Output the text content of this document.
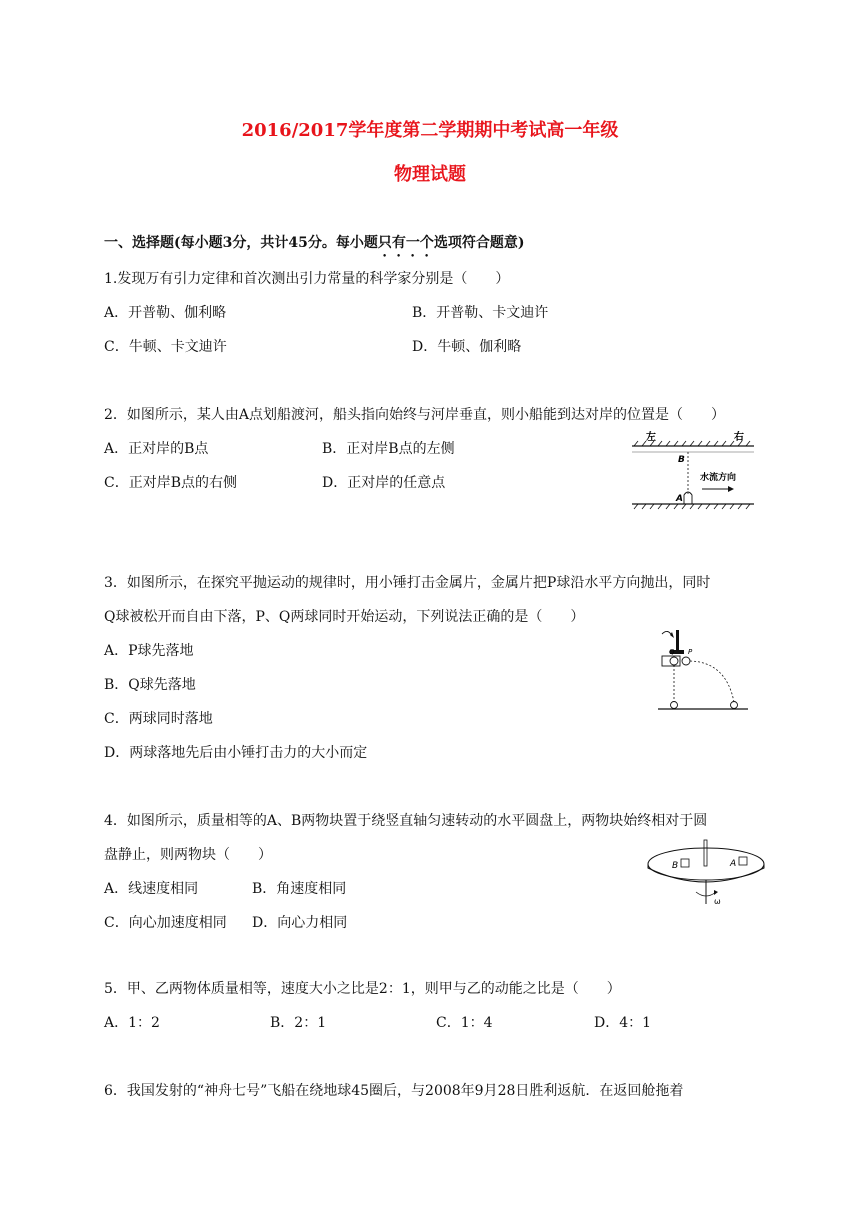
2016/2017学年度第二学期期中考试高一年级
物理试题
一、选择题(每小题3分，共计45分。每小题只有一个选项符合题意)
1.发现万有引力定律和首次测出引力常量的科学家分别是（　　）
A．开普勒、伽利略	B．开普勒、卡文迪许
C．牛顿、卡文迪许	D．牛顿、伽利略
2．如图所示，某人由A点划船渡河，船头指向始终与河岸垂直，则小船能到达对岸的位置是（　　）
A．正对岸的B点	B．正对岸B点的左侧
C．正对岸B点的右侧	D．正对岸的任意点
左	右
B
水流方向
A
3．如图所示，在探究平抛运动的规律时，用小锤打击金属片，金属片把P球沿水平方向抛出，同时
Q球被松开而自由下落，P、Q两球同时开始运动，下列说法正确的是（　　）
A．P球先落地
B．Q球先落地
C．两球同时落地
D．两球落地先后由小锤打击力的大小而定
Q P
4．如图所示，质量相等的A、B两物块置于绕竖直轴匀速转动的水平圆盘上，两物块始终相对于圆
盘静止，则两物块（　　）
A．线速度相同	B．角速度相同
C．向心加速度相同 D．向心力相同
B	A
ω
5．甲、乙两物体质量相等，速度大小之比是2：1，则甲与乙的动能之比是（　　）
A．1：2	B．2：1	C．1：4	D．4：1
6．我国发射的“神舟七号”飞船在绕地球45圈后，与2008年9月28日胜利返航．在返回舱拖着
